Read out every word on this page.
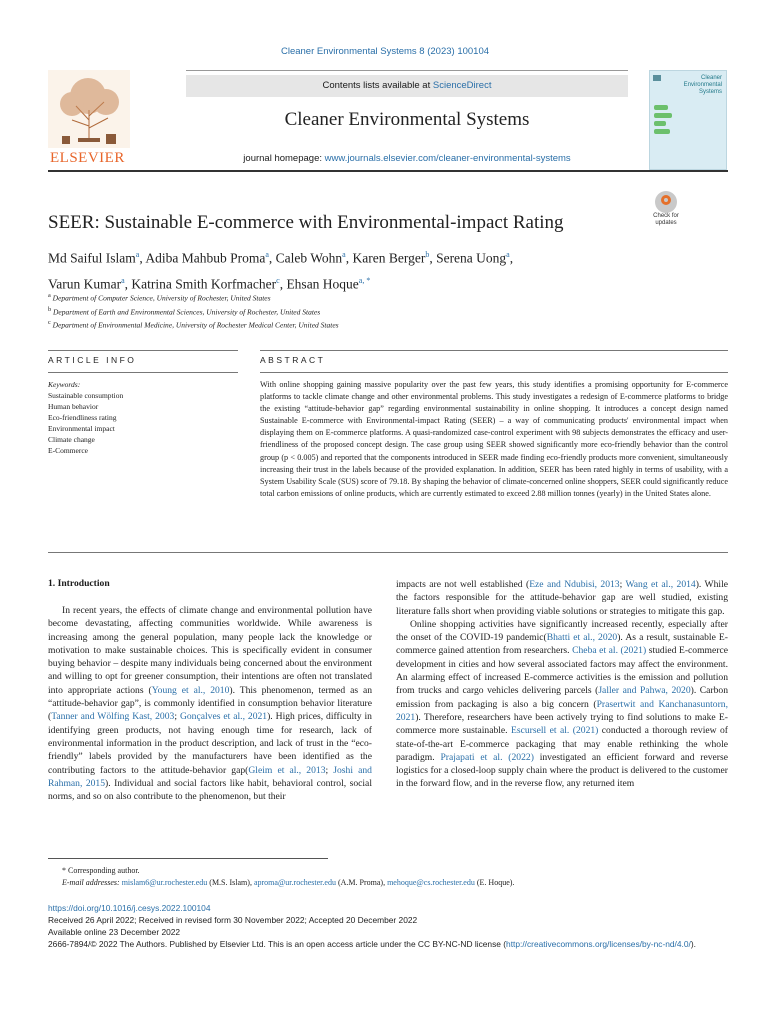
Cleaner Environmental Systems 8 (2023) 100104
ELSEVIER
Contents lists available at ScienceDirect
Cleaner Environmental Systems
journal homepage: www.journals.elsevier.com/cleaner-environmental-systems
Cleaner Environmental Systems
SEER: Sustainable E-commerce with Environmental-impact Rating	Check for updates
Md Saiful Islam$^a$, Adiba Mahbub Proma$^a$, Caleb Wohn$^a$, Karen Berger$^b$, Serena Uong$^a$,
Varun Kumar$^a$, Katrina Smith Korfmacher$^c$, Ehsan Hoque$^{a, *}$
$^a$ Department of Computer Science, University of Rochester, United States
$^b$ Department of Earth and Environmental Sciences, University of Rochester, United States
$^c$ Department of Environmental Medicine, University of Rochester Medical Center, United States
ARTICLE INFO
Keywords:
Sustainable consumption
Human behavior
Eco-friendliness rating
Environmental impact
Climate change
E-Commerce
ABSTRACT
With online shopping gaining massive popularity over the past few years, this study identifies a promising opportunity for E-commerce platforms to tackle climate change and other environmental problems. This study investigates a redesign of E-commerce platforms to bridge the existing “attitude-behavior gap” regarding environmental sustainability in online shopping. It introduces a concept design named Sustainable E-commerce with Environmental-impact Rating (SEER) – a way of communicating products' environmental impact when displaying them on E-commerce platforms. A quasi-randomized case-control experiment with 98 subjects demonstrates the efficacy and user-friendliness of the proposed concept design. The case group using SEER showed significantly more eco-friendly behavior than the control group (p < 0.005) and reported that the components introduced in SEER made finding eco-friendly products more convenient, simultaneously increasing their trust in the labels because of the provided explanation. In addition, SEER has been rated highly in terms of usability, with a System Usability Scale (SUS) score of 79.18. By shaping the behavior of climate-concerned online shoppers, SEER could significantly reduce total carbon emissions of online products, which are currently estimated to exceed 2.88 million tonnes (yearly) in the United States alone.
1. Introduction

In recent years, the effects of climate change and environmental pollution have become devastating, affecting communities worldwide. While awareness is increasing among the general population, many people lack the knowledge or motivation to make sustainable choices. This is specifically evident in consumer buying behavior – despite many individuals being concerned about the environment and willing to opt for greener consumption, their intentions are often not translated into appropriate actions (Young et al., 2010). This phenomenon, termed as an “attitude-behavior gap”, is commonly identified in consumption behavior literature (Tanner and Wölfing Kast, 2003; Gonçalves et al., 2021). High prices, difficulty in identifying green products, not having enough time for research, lack of environmental information in the product description, and lack of trust in the “eco-friendly” labels provided by the manufacturers have been identified as the contributing factors to the attitude-behavior gap(Gleim et al., 2013; Joshi and Rahman, 2015). Individual and social factors like habit, behavioral control, social norms, and so on also contribute to the phenomenon, but their

impacts are not well established (Eze and Ndubisi, 2013; Wang et al., 2014). While the factors responsible for the attitude-behavior gap are well studied, existing literature falls short when providing viable solutions or strategies to mitigate this gap.

Online shopping activities have significantly increased recently, especially after the onset of the COVID-19 pandemic(Bhatti et al., 2020). As a result, sustainable E-commerce gained attention from researchers. Cheba et al. (2021) studied E-commerce development in cities and how several associated factors may affect the environment. An alarming effect of increased E-commerce activities is the emission and pollution from trucks and cargo vehicles delivering parcels (Jaller and Pahwa, 2020). Carbon emission from packaging is also a big concern (Prasertwit and Kanchanasuntorn, 2021). Therefore, researchers have been actively trying to find solutions to make E-commerce more sustainable. Escursell et al. (2021) conducted a thorough review of state-of-the-art E-commerce packaging that may enable rethinking the whole paradigm. Prajapati et al. (2022) investigated an efficient forward and reverse logistics for a closed-loop supply chain where the product is delivered to the customer in the forward flow, and in the reverse flow, any returned item

* Corresponding author.
E-mail addresses: mislam6@ur.rochester.edu (M.S. Islam), aproma@ur.rochester.edu (A.M. Proma), mehoque@cs.rochester.edu (E. Hoque).
https://doi.org/10.1016/j.cesys.2022.100104
Received 26 April 2022; Received in revised form 30 November 2022; Accepted 20 December 2022
Available online 23 December 2022
2666-7894/© 2022 The Authors. Published by Elsevier Ltd. This is an open access article under the CC BY-NC-ND license (http://creativecommons.org/licenses/by-nc-nd/4.0/).
